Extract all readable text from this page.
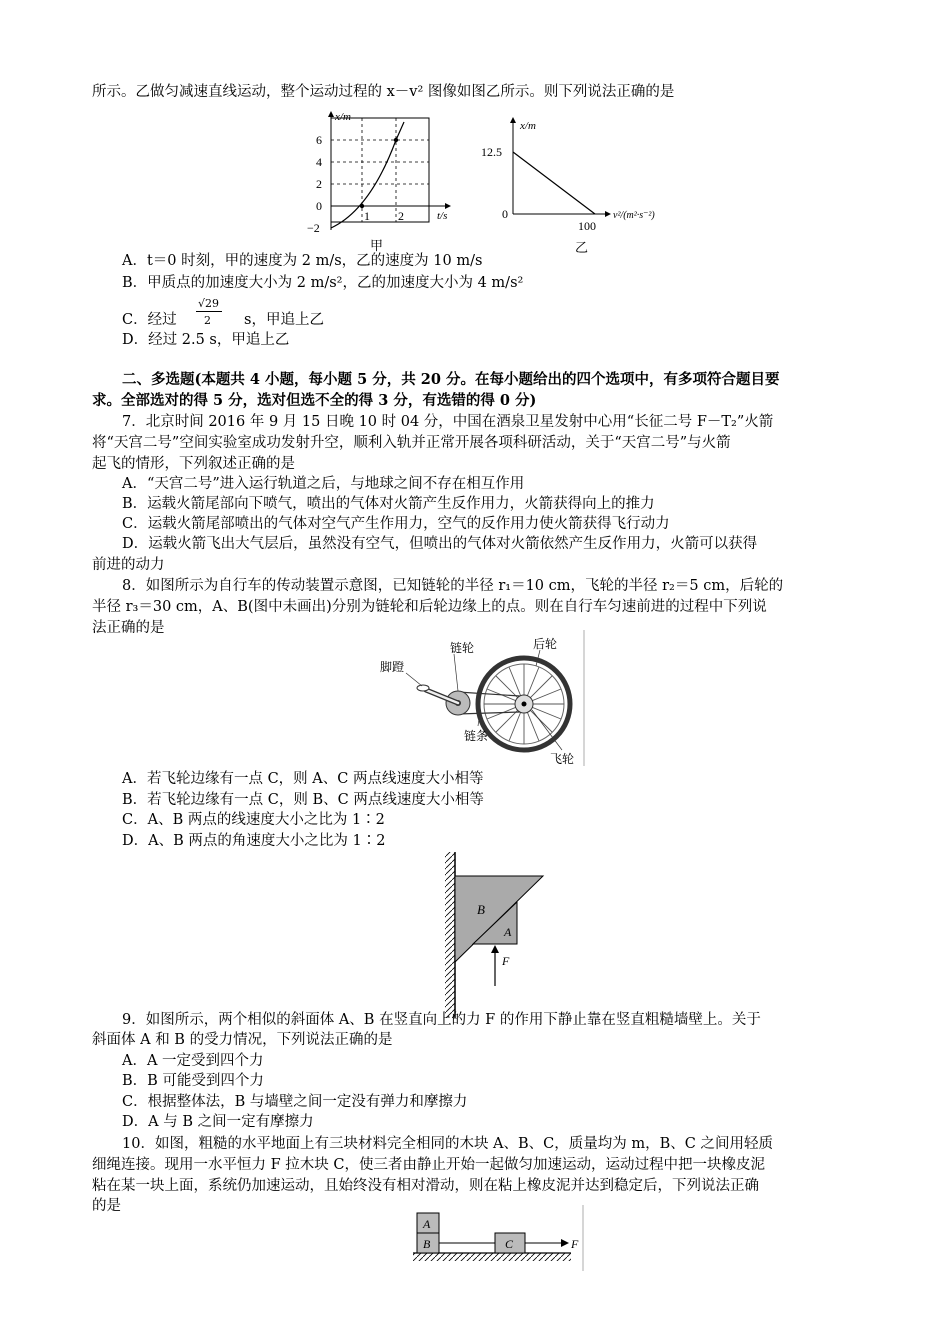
所示。乙做匀减速直线运动，整个运动过程的 x－v² 图像如图乙所示。则下列说法正确的是
x/m
t/s
6
4
2
0
−2
1 2
甲
x/m
12.5
0
100
v²/(m²·s⁻²)
乙
A．t＝0 时刻，甲的速度为 2 m/s，乙的速度为 10 m/s
B．甲质点的加速度大小为 2 m/s²，乙的加速度大小为 4 m/s²
C．经过
√29
2 s，甲追上乙
D．经过 2.5 s，甲追上乙
二、多选题(本题共 4 小题，每小题 5 分，共 20 分。在每小题给出的四个选项中，有多项符合题目要
求。全部选对的得 5 分，选对但选不全的得 3 分，有选错的得 0 分)
7．北京时间 2016 年 9 月 15 日晚 10 时 04 分，中国在酒泉卫星发射中心用“长征二号 F－T₂”火箭
将“天宫二号”空间实验室成功发射升空，顺利入轨并正常开展各项科研活动，关于“天宫二号”与火箭
起飞的情形，下列叙述正确的是
A．“天宫二号”进入运行轨道之后，与地球之间不存在相互作用
B．运载火箭尾部向下喷气，喷出的气体对火箭产生反作用力，火箭获得向上的推力
C．运载火箭尾部喷出的气体对空气产生作用力，空气的反作用力使火箭获得飞行动力
D．运载火箭飞出大气层后，虽然没有空气，但喷出的气体对火箭依然产生反作用力，火箭可以获得
前进的动力
8．如图所示为自行车的传动装置示意图，已知链轮的半径 r₁＝10 cm，飞轮的半径 r₂＝5 cm，后轮的
半径 r₃＝30 cm，A、B(图中未画出)分别为链轮和后轮边缘上的点。则在自行车匀速前进的过程中下列说
法正确的是
脚蹬
链轮	后轮
链条
飞轮
A．若飞轮边缘有一点 C，则 A、C 两点线速度大小相等
B．若飞轮边缘有一点 C，则 B、C 两点线速度大小相等
C．A、B 两点的线速度大小之比为 1∶2
D．A、B 两点的角速度大小之比为 1∶2
B
A
F
9．如图所示，两个相似的斜面体 A、B 在竖直向上的力 F 的作用下静止靠在竖直粗糙墙壁上。关于
斜面体 A 和 B 的受力情况，下列说法正确的是
A．A 一定受到四个力
B．B 可能受到四个力
C．根据整体法，B 与墙壁之间一定没有弹力和摩擦力
D．A 与 B 之间一定有摩擦力
10．如图，粗糙的水平地面上有三块材料完全相同的木块 A、B、C，质量均为 m，B、C 之间用轻质
细绳连接。现用一水平恒力 F 拉木块 C，使三者由静止开始一起做匀加速运动，运动过程中把一块橡皮泥
粘在某一块上面，系统仍加速运动，且始终没有相对滑动，则在粘上橡皮泥并达到稳定后，下列说法正确
的是
A
B	C	F
